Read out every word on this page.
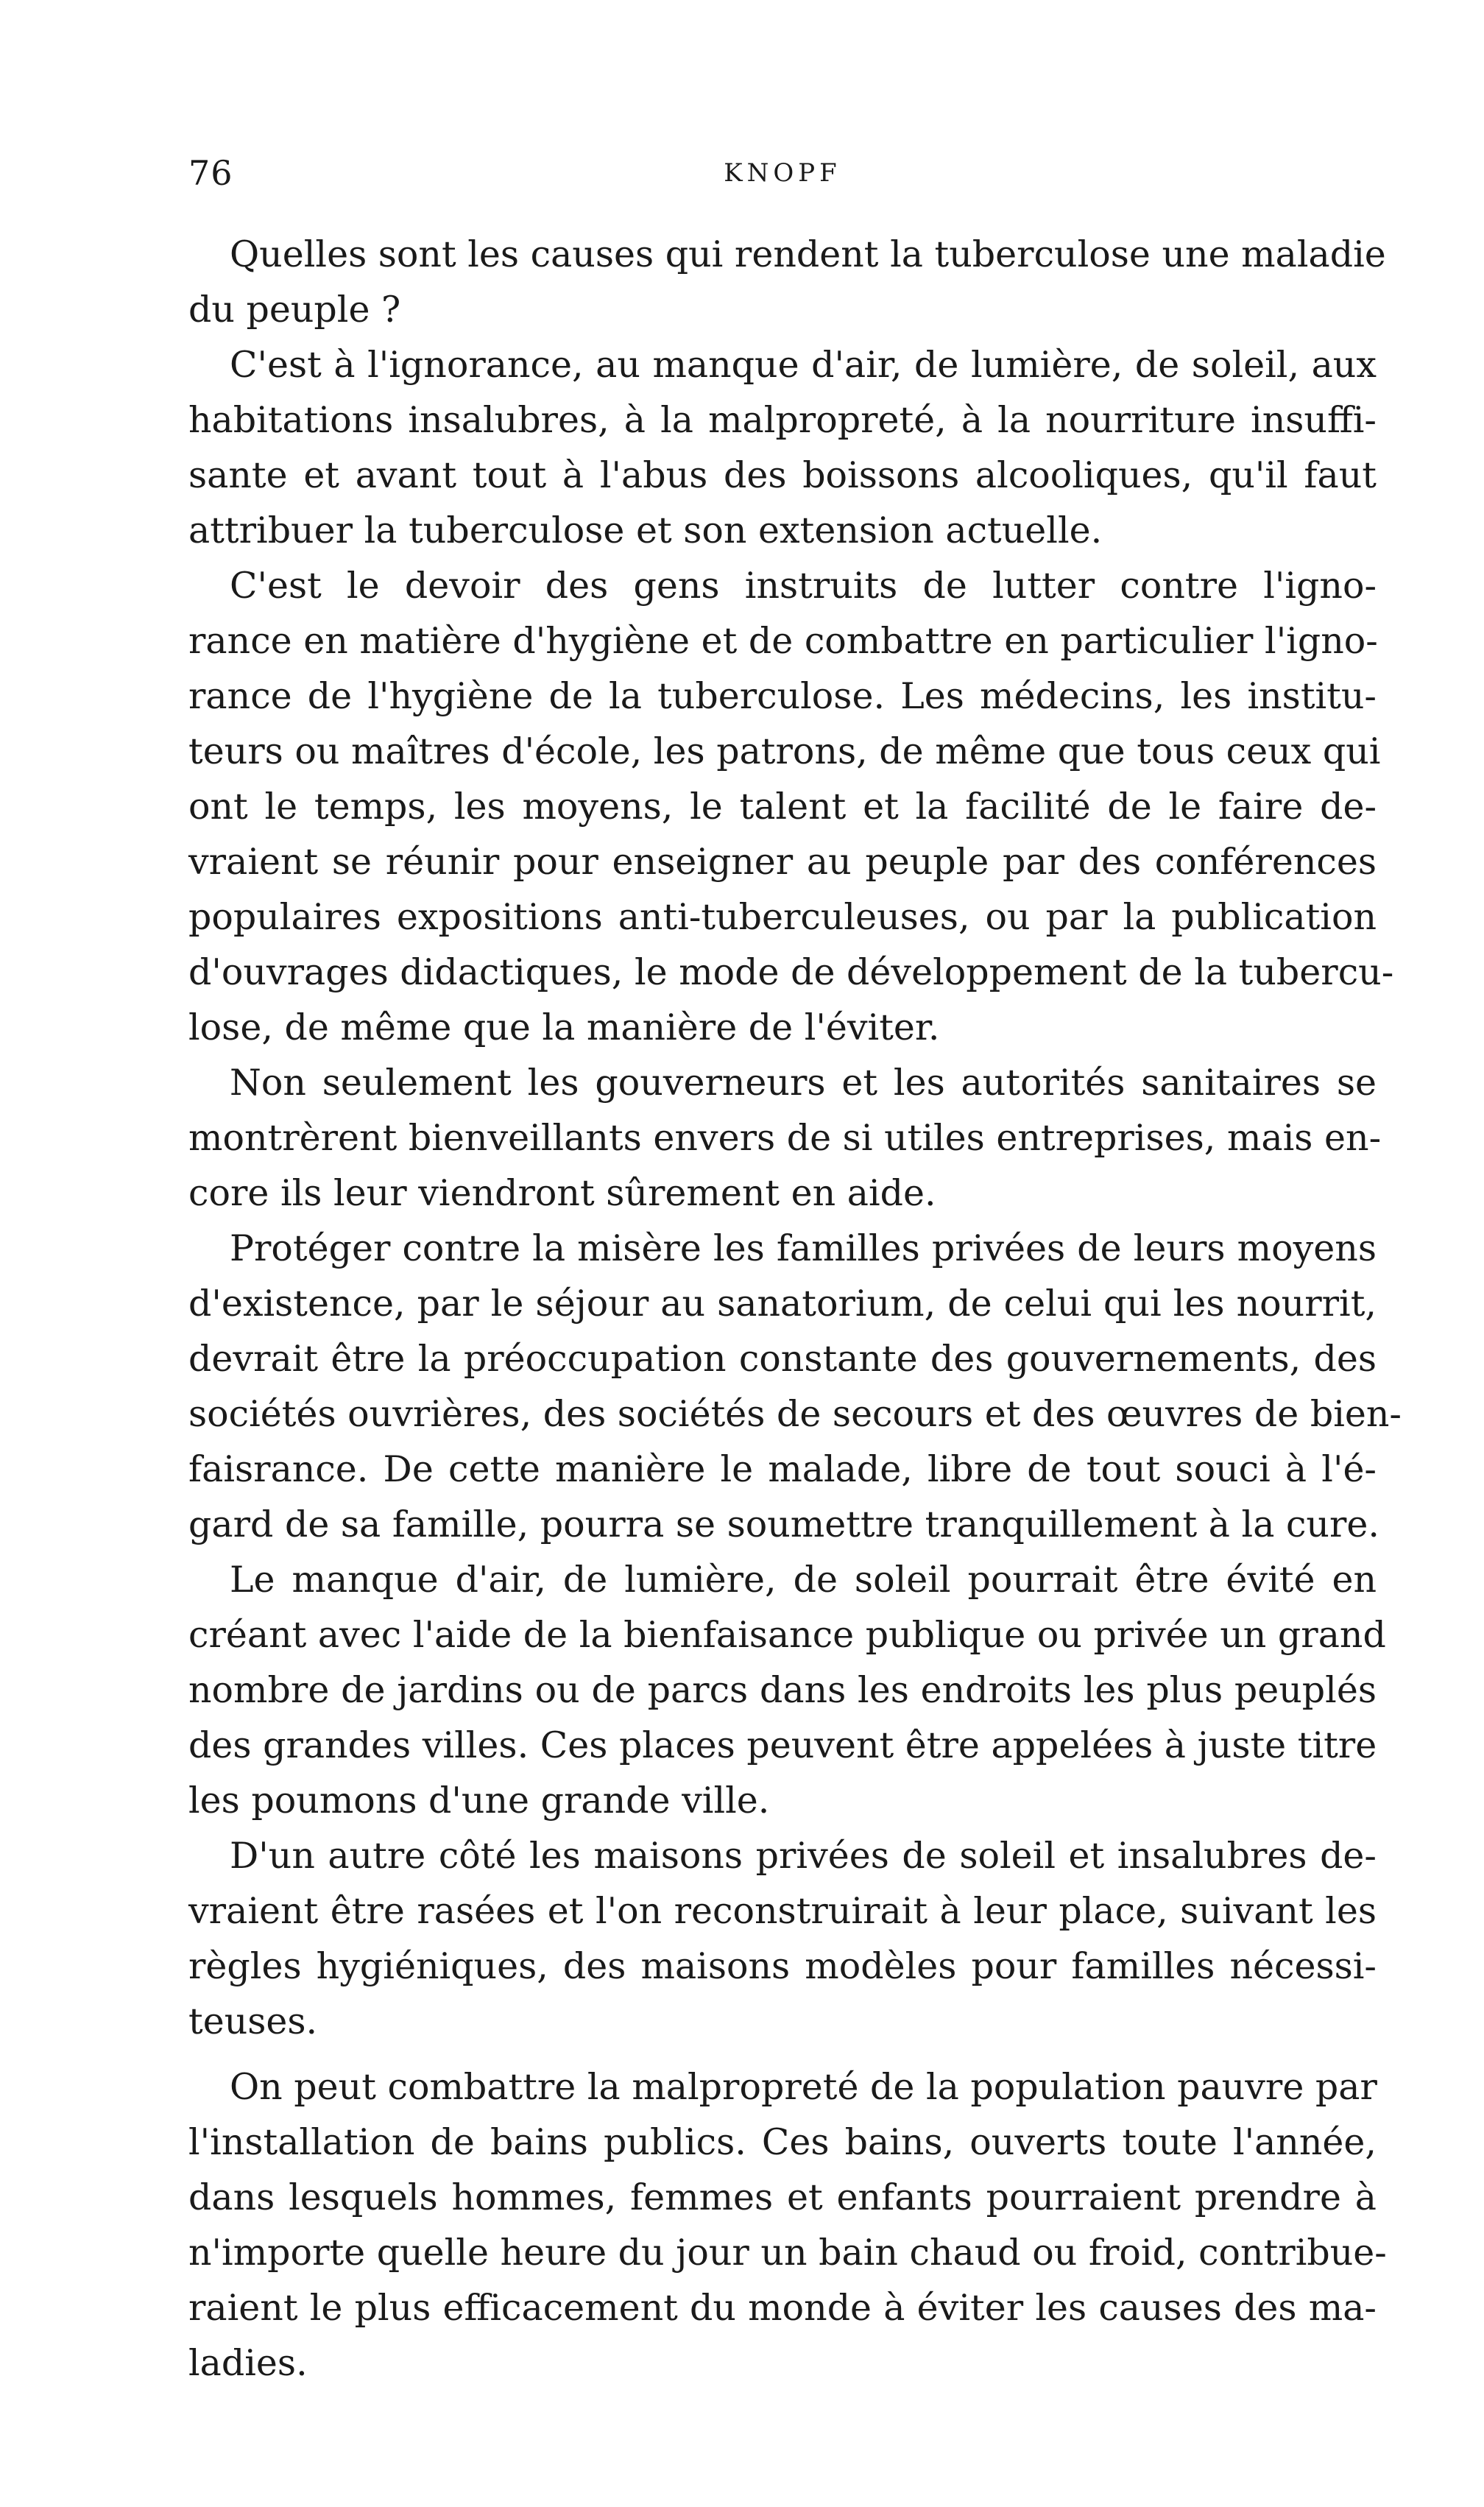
76	KNOPF

Quelles sont les causes qui rendent la tuberculose une maladie
du peuple ?

C'est à l'ignorance, au manque d'air, de lumière, de soleil, aux
habitations insalubres, à la malpropreté, à la nourriture insuffi-
sante et avant tout à l'abus des boissons alcooliques, qu'il faut
attribuer la tuberculose et son extension actuelle.

C'est le devoir des gens instruits de lutter contre l'igno-
rance en matière d'hygiène et de combattre en particulier l'igno-
rance de l'hygiène de la tuberculose. Les médecins, les institu-
teurs ou maîtres d'école, les patrons, de même que tous ceux qui
ont le temps, les moyens, le talent et la facilité de le faire de-
vraient se réunir pour enseigner au peuple par des conférences
populaires expositions anti-tuberculeuses, ou par la publication
d'ouvrages didactiques, le mode de développement de la tubercu-
lose, de même que la manière de l'éviter.

Non seulement les gouverneurs et les autorités sanitaires se
montrèrent bienveillants envers de si utiles entreprises, mais en-
core ils leur viendront sûrement en aide.

Protéger contre la misère les familles privées de leurs moyens
d'existence, par le séjour au sanatorium, de celui qui les nourrit,
devrait être la préoccupation constante des gouvernements, des
sociétés ouvrières, des sociétés de secours et des œuvres de bien-
faisrance. De cette manière le malade, libre de tout souci à l'é-
gard de sa famille, pourra se soumettre tranquillement à la cure.

Le manque d'air, de lumière, de soleil pourrait être évité en
créant avec l'aide de la bienfaisance publique ou privée un grand
nombre de jardins ou de parcs dans les endroits les plus peuplés
des grandes villes. Ces places peuvent être appelées à juste titre
les poumons d'une grande ville.

D'un autre côté les maisons privées de soleil et insalubres de-
vraient être rasées et l'on reconstruirait à leur place, suivant les
règles hygiéniques, des maisons modèles pour familles nécessi-
teuses.

On peut combattre la malpropreté de la population pauvre par
l'installation de bains publics. Ces bains, ouverts toute l'année,
dans lesquels hommes, femmes et enfants pourraient prendre à
n'importe quelle heure du jour un bain chaud ou froid, contribue-
raient le plus efficacement du monde à éviter les causes des ma-
ladies.
